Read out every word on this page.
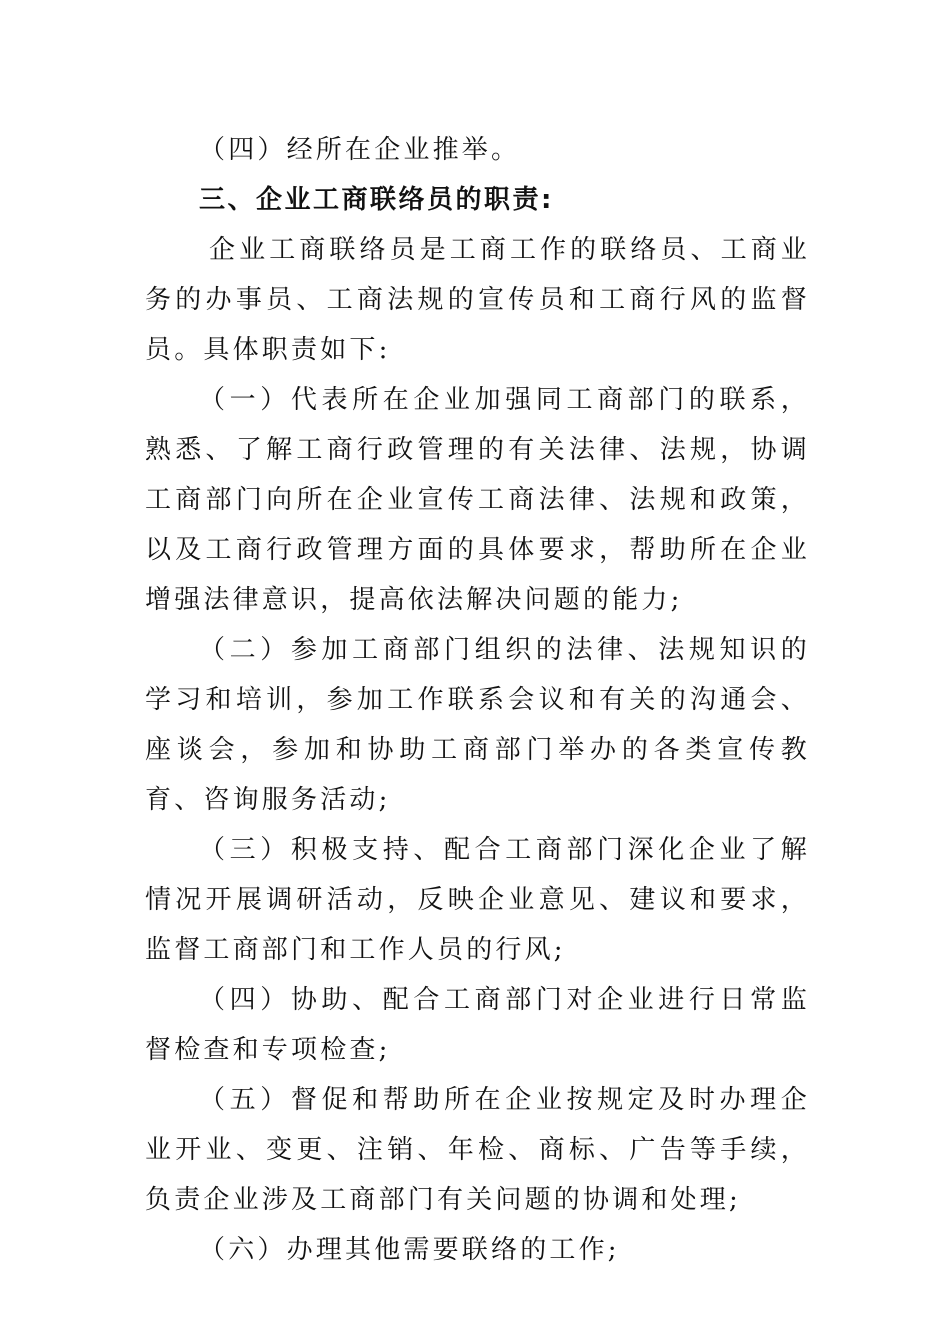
（四）经所在企业推举。

三、企业工商联络员的职责:

企业工商联络员是工商工作的联络员、工商业务的办事员、工商法规的宣传员和工商行风的监督员。具体职责如下:

（一）代表所在企业加强同工商部门的联系，熟悉、了解工商行政管理的有关法律、法规，协调工商部门向所在企业宣传工商法律、法规和政策，以及工商行政管理方面的具体要求，帮助所在企业增强法律意识，提高依法解决问题的能力;

（二）参加工商部门组织的法律、法规知识的学习和培训，参加工作联系会议和有关的沟通会、座谈会，参加和协助工商部门举办的各类宣传教育、咨询服务活动;

（三）积极支持、配合工商部门深化企业了解情况开展调研活动，反映企业意见、建议和要求，监督工商部门和工作人员的行风;

（四）协助、配合工商部门对企业进行日常监督检查和专项检查;

（五）督促和帮助所在企业按规定及时办理企业开业、变更、注销、年检、商标、广告等手续，负责企业涉及工商部门有关问题的协调和处理;

（六）办理其他需要联络的工作;
